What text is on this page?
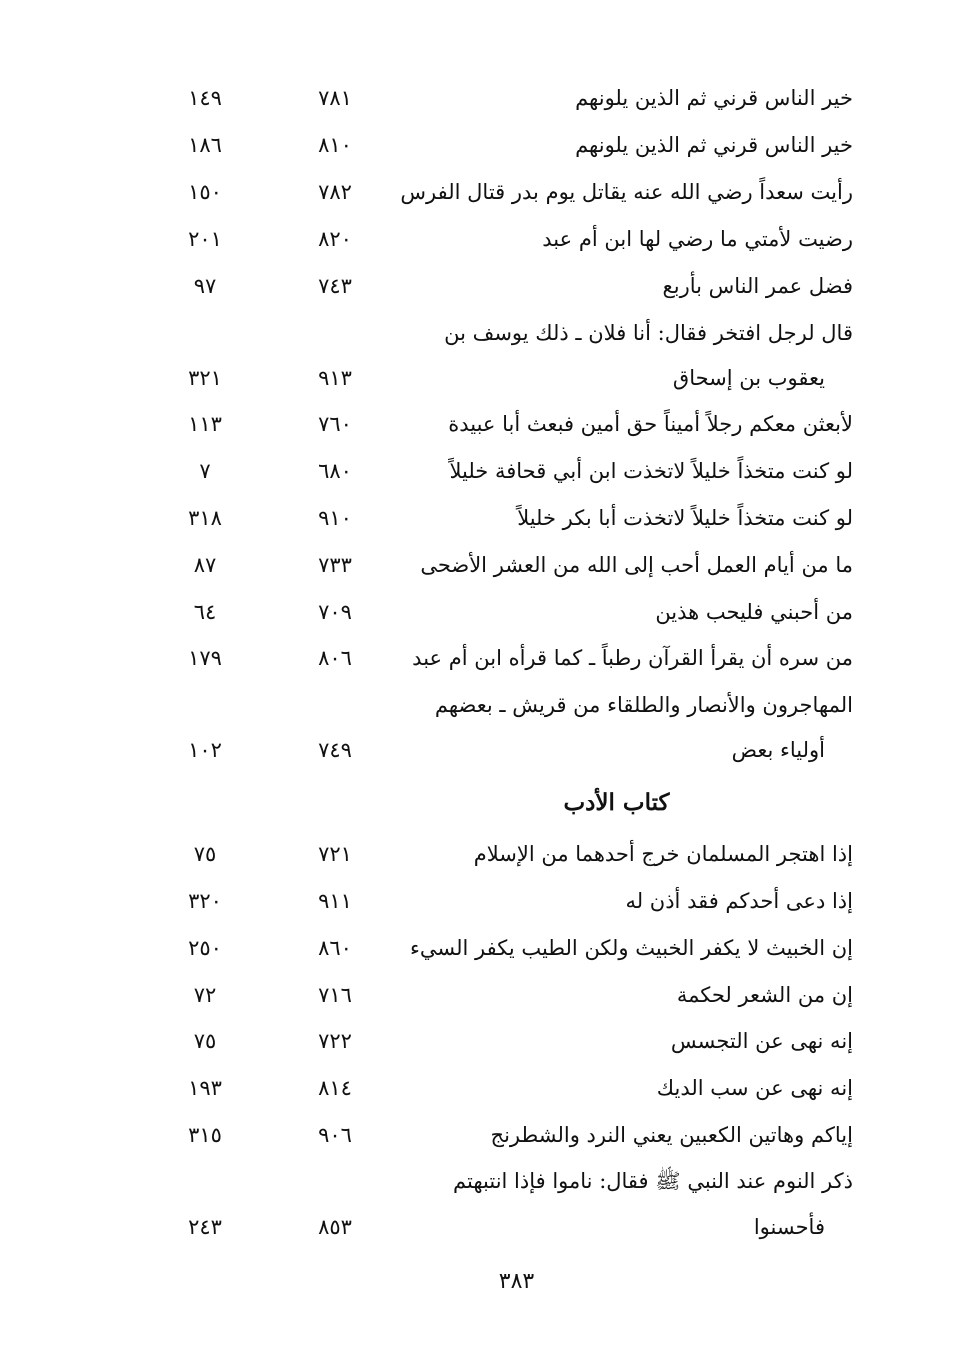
خير الناس قرني ثم الذين يلونهم
٧٨١
١٤٩
خير الناس قرني ثم الذين يلونهم
٨١٠
١٨٦
رأيت سعداً رضي الله عنه يقاتل يوم بدر قتال الفرس
٧٨٢
١٥٠
رضيت لأمتي ما رضي لها ابن أم عبد
٨٢٠
٢٠١
فضل عمر الناس بأربع
٧٤٣
٩٧
قال لرجل افتخر فقال: أنا فلان ـ ذلك يوسف بن
يعقوب بن إسحاق
٩١٣
٣٢١
لأبعثن معكم رجلاً أميناً حق أمين فبعث أبا عبيدة
٧٦٠
١١٣
لو كنت متخذاً خليلاً لاتخذت ابن أبي قحافة خليلاً
٦٨٠
٧
لو كنت متخذاً خليلاً لاتخذت أبا بكر خليلاً
٩١٠
٣١٨
ما من أيام العمل أحب إلى الله من العشر الأضحى
٧٣٣
٨٧
من أحبني فليحب هذين
٧٠٩
٦٤
من سره أن يقرأ القرآن رطباً ـ كما قرأه ابن أم عبد
٨٠٦
١٧٩
المهاجرون والأنصار والطلقاء من قريش ـ بعضهم
أولياء بعض
٧٤٩
١٠٢
كتاب الأدب
إذا اهتجر المسلمان خرج أحدهما من الإسلام
٧٢١
٧٥
إذا دعى أحدكم فقد أذن له
٩١١
٣٢٠
إن الخبيث لا يكفر الخبيث ولكن الطيب يكفر السيء
٨٦٠
٢٥٠
إن من الشعر لحكمة
٧١٦
٧٢
إنه نهى عن التجسس
٧٢٢
٧٥
إنه نهى عن سب الديك
٨١٤
١٩٣
إياكم وهاتين الكعبين يعني النرد والشطرنج
٩٠٦
٣١٥
ذكر النوم عند النبي ﷺ فقال: ناموا فإذا انتبهتم
فأحسنوا
٨٥٣
٢٤٣
٣٨٣
